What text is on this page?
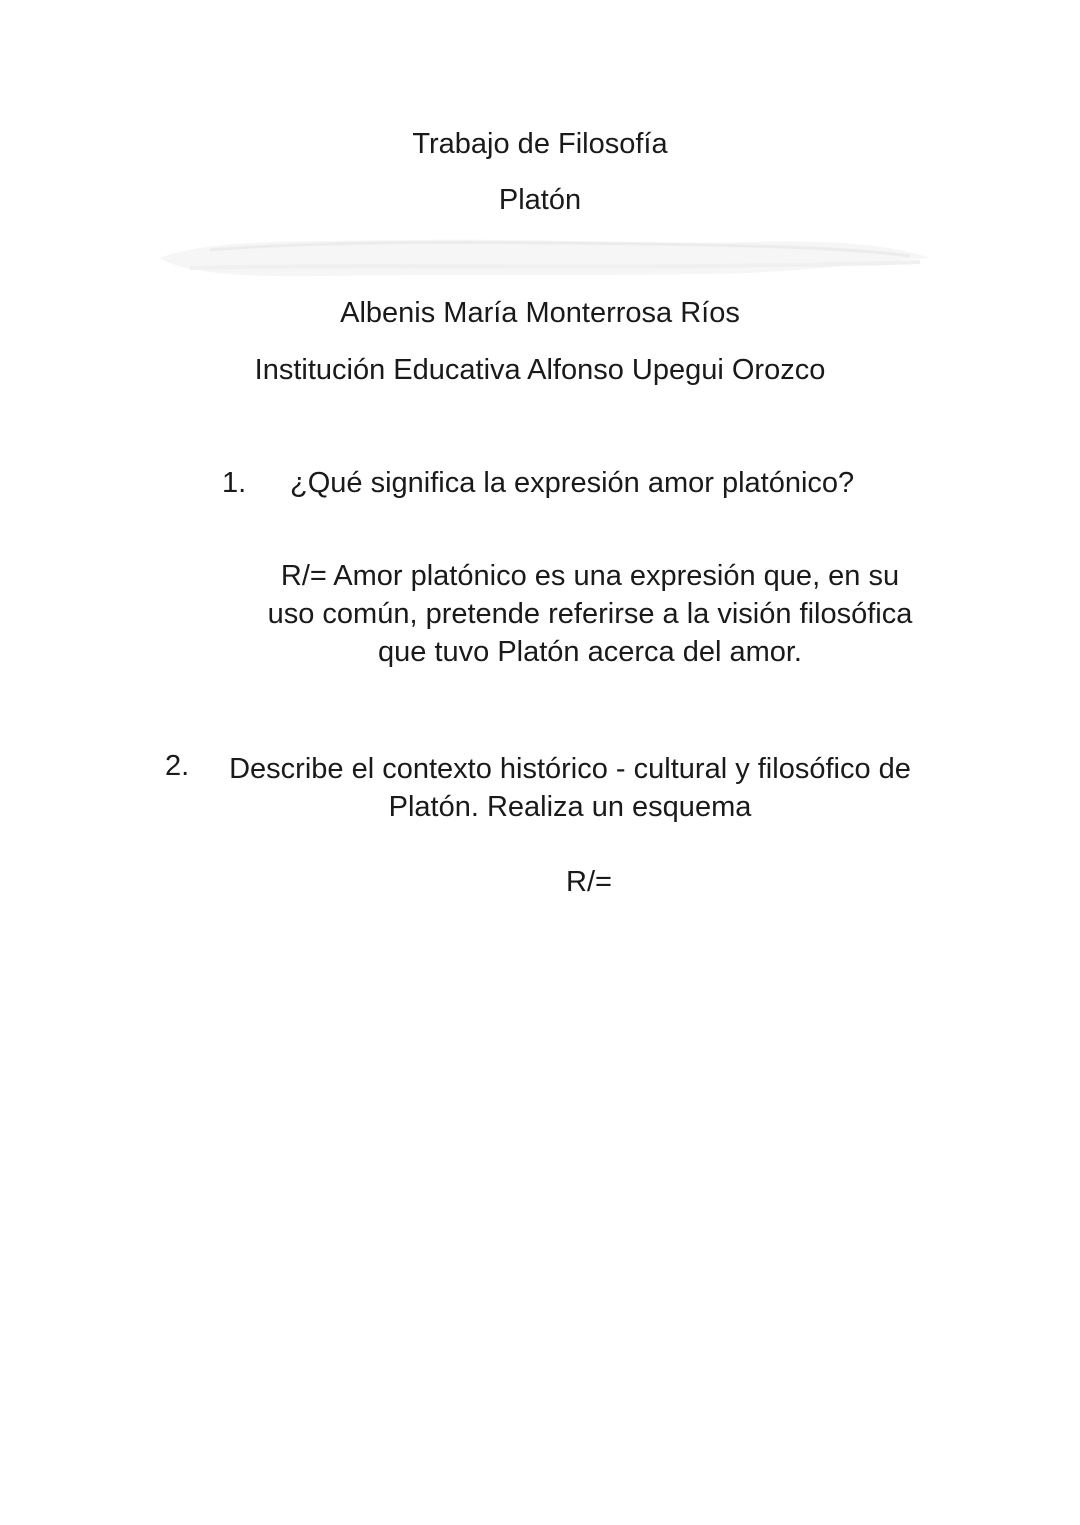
Trabajo de Filosofía
Platón
Albenis María Monterrosa Ríos
Institución Educativa Alfonso Upegui Orozco
1. ¿Qué significa la expresión amor platónico?
R/= Amor platónico es una expresión que, en su
uso común, pretende referirse a la visión filosófica
que tuvo Platón acerca del amor.
2.	Describe el contexto histórico - cultural y filosófico de
Platón. Realiza un esquema
R/=
